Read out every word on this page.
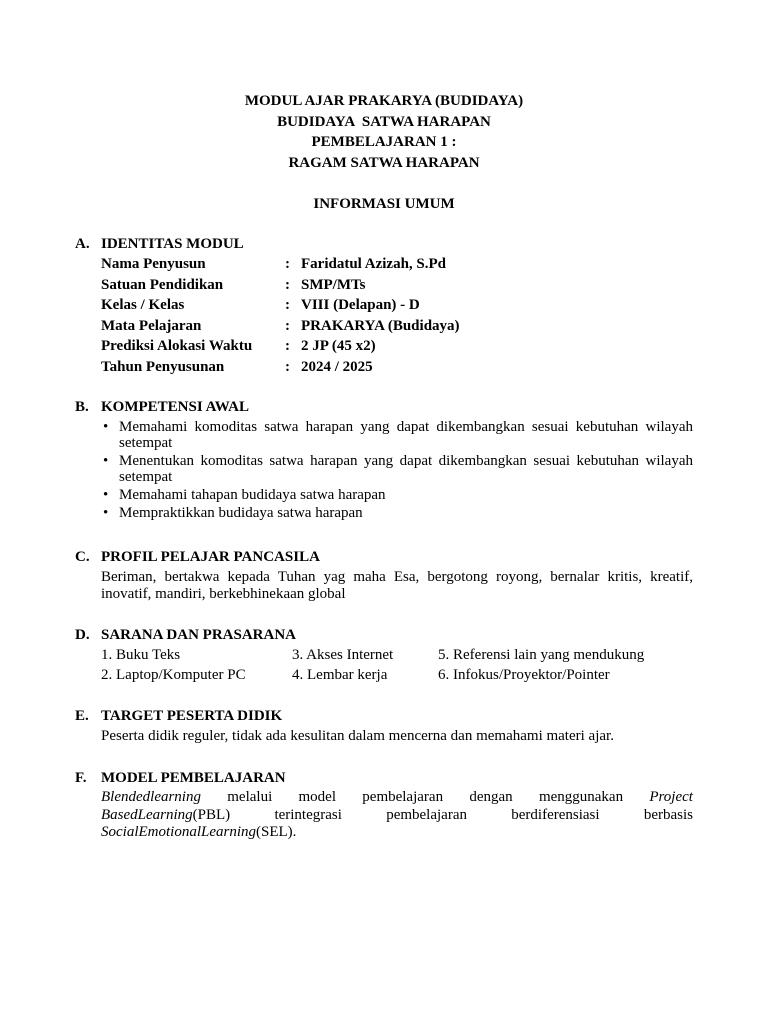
MODUL AJAR PRAKARYA (BUDIDAYA)
BUDIDAYA  SATWA HARAPAN
PEMBELAJARAN 1 :
RAGAM SATWA HARAPAN
INFORMASI UMUM
A. IDENTITAS MODUL
Nama Penyusun	: Faridatul Azizah, S.Pd
Satuan Pendidikan	: SMP/MTs
Kelas / Kelas	: VIII (Delapan) - D
Mata Pelajaran	: PRAKARYA (Budidaya)
Prediksi Alokasi Waktu : 2 JP (45 x2)
Tahun Penyusunan	: 2024 / 2025
B. KOMPETENSI AWAL
• Memahami komoditas satwa harapan yang dapat dikembangkan sesuai kebutuhan wilayah setempat
• Menentukan komoditas satwa harapan yang dapat dikembangkan sesuai kebutuhan wilayah setempat
• Memahami tahapan budidaya satwa harapan
• Mempraktikkan budidaya satwa harapan
C. PROFIL PELAJAR PANCASILA
Beriman, bertakwa kepada Tuhan yag maha Esa, bergotong royong, bernalar kritis, kreatif, inovatif, mandiri, berkebhinekaan global
D. SARANA DAN PRASARANA
1. Buku Teks	3. Akses Internet	5. Referensi lain yang mendukung
2. Laptop/Komputer PC	4. Lembar kerja	6. Infokus/Proyektor/Pointer
E. TARGET PESERTA DIDIK
Peserta didik reguler, tidak ada kesulitan dalam mencerna dan memahami materi ajar.
F. MODEL PEMBELAJARAN
Blendedlearning melalui model pembelajaran dengan menggunakan Project
BasedLearning(PBL)	terintegrasi	pembelajaran	berdiferensiasi	berbasis
SocialEmotionalLearning (SEL).
